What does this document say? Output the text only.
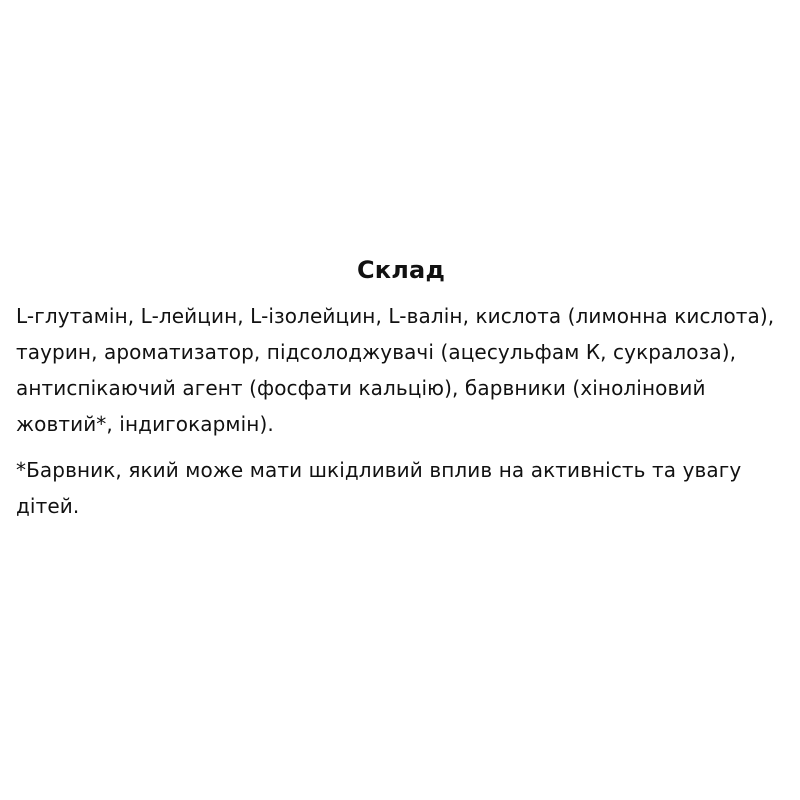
Склад

L-глутамін, L-лейцин, L-ізолейцин, L-валін, кислота (лимонна кислота), таурин, ароматизатор, підсолоджувачі (ацесульфам К, сукралоза), антиспікаючий агент (фосфати кальцію), барвники (хіноліновий жовтий*, індигокармін).

*Барвник, який може мати шкідливий вплив на активність та увагу дітей.
